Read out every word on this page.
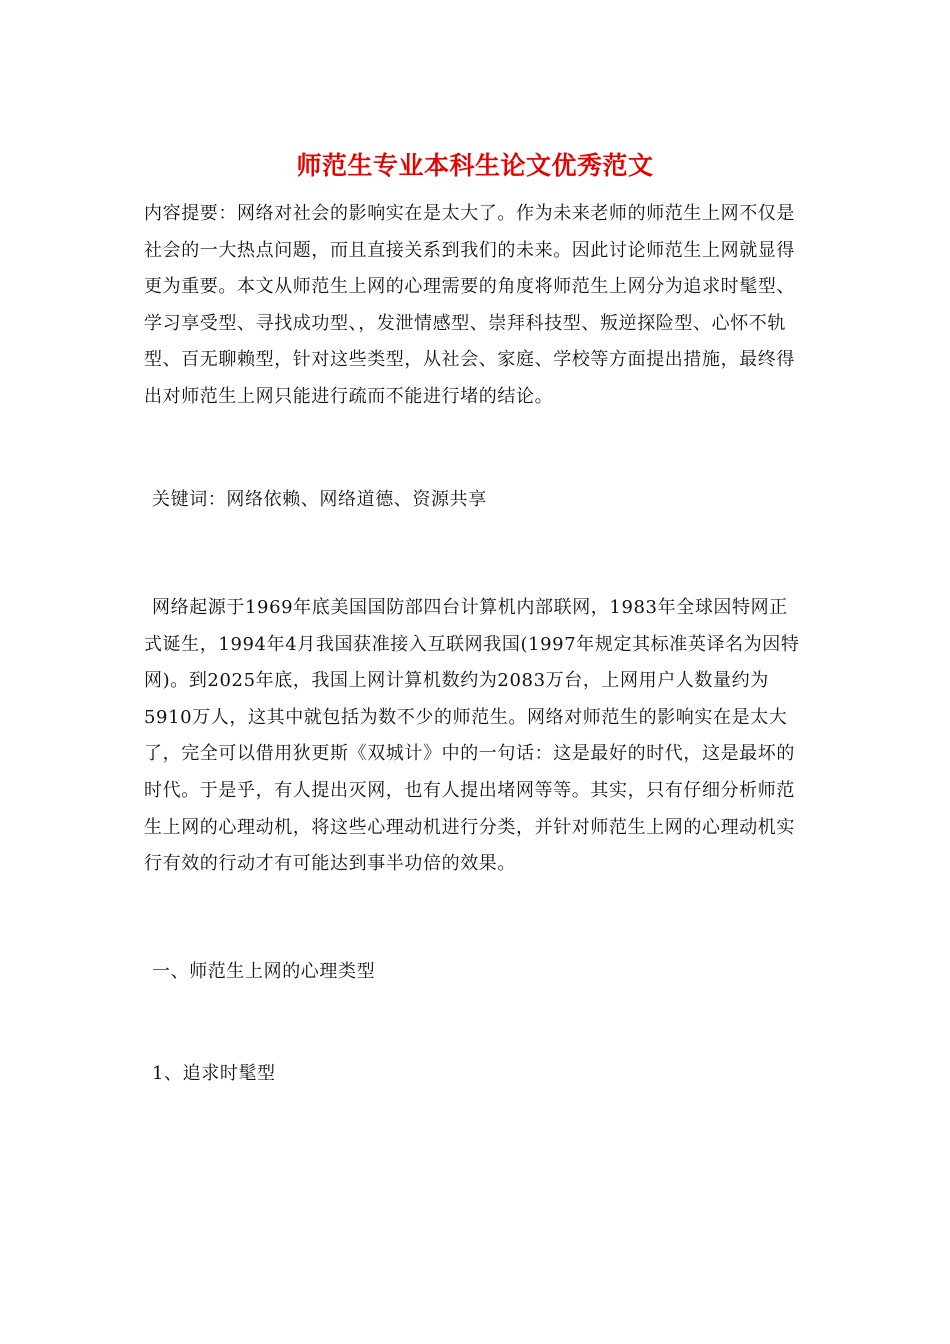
师范生专业本科生论文优秀范文
内容提要：网络对社会的影响实在是太大了。作为未来老师的师范生上网不仅是社会的一大热点问题，而且直接关系到我们的未来。因此讨论师范生上网就显得更为重要。本文从师范生上网的心理需要的角度将师范生上网分为追求时髦型、学习享受型、寻找成功型、，发泄情感型、崇拜科技型、叛逆探险型、心怀不轨型、百无聊赖型，针对这些类型，从社会、家庭、学校等方面提出措施，最终得出对师范生上网只能进行疏而不能进行堵的结论。
关键词：网络依赖、网络道德、资源共享
网络起源于1969年底美国国防部四台计算机内部联网，1983年全球因特网正式诞生，1994年4月我国获准接入互联网我国(1997年规定其标准英译名为因特网)。到2025年底，我国上网计算机数约为2083万台，上网用户人数量约为5910万人，这其中就包括为数不少的师范生。网络对师范生的影响实在是太大了，完全可以借用狄更斯《双城计》中的一句话：这是最好的时代，这是最坏的时代。于是乎，有人提出灭网，也有人提出堵网等等。其实，只有仔细分析师范生上网的心理动机，将这些心理动机进行分类，并针对师范生上网的心理动机实行有效的行动才有可能达到事半功倍的效果。
一、师范生上网的心理类型
1、追求时髦型
